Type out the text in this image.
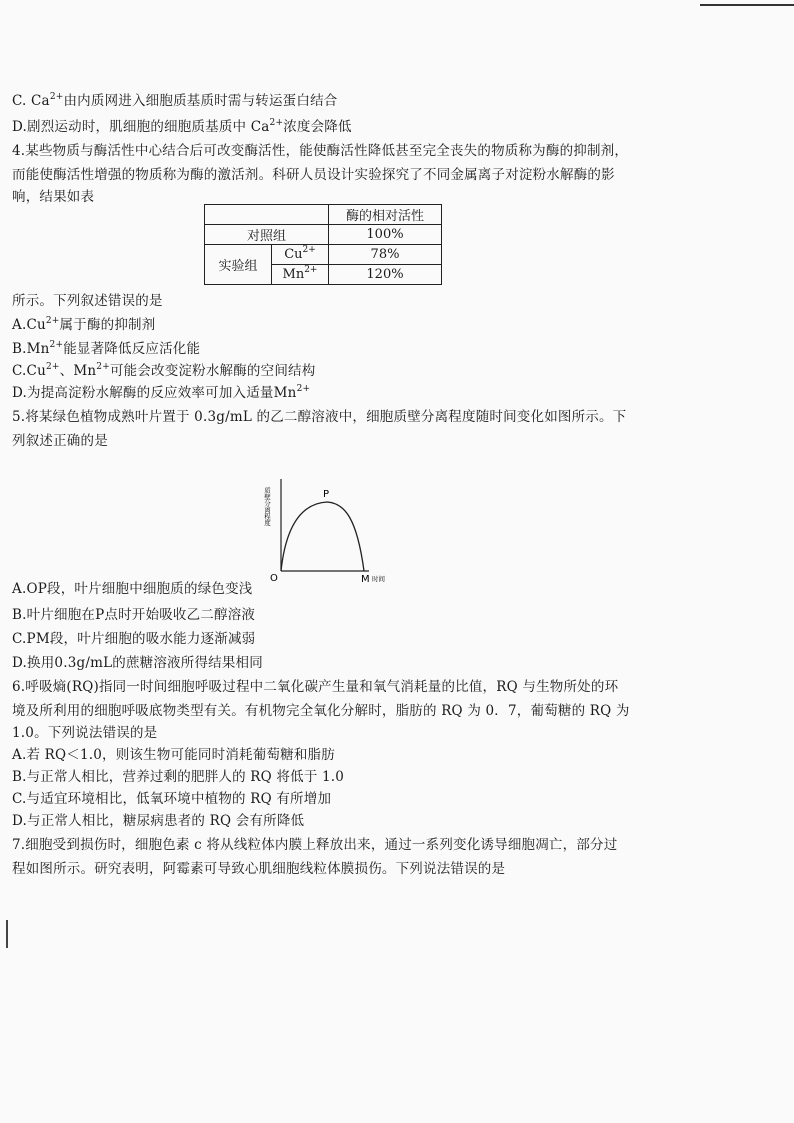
C. $Ca^{2+}$由内质网进入细胞质基质时需与转运蛋白结合
D.剧烈运动时，肌细胞的细胞质基质中 $Ca^{2+}$浓度会降低
4.某些物质与酶活性中心结合后可改变酶活性，能使酶活性降低甚至完全丧失的物质称为酶的抑制剂，
而能使酶活性增强的物质称为酶的激活剂。科研人员设计实验探究了不同金属离子对淀粉水解酶的影
响，结果如表
		酶的相对活性
对照组		100%
实验组	$Cu^{2+}$	78%
	$Mn^{2+}$	120%
所示。下列叙述错误的是
$A.Cu^{2+}$属于酶的抑制剂
$B.Mn^{2+}$能显著降低反应活化能
$C.Cu^{2+}$、$Mn^{2+}$可能会改变淀粉水解酶的空间结构
D.为提高淀粉水解酶的反应效率可加入适量$Mn^{2+}$
5.将某绿色植物成熟叶片置于 0.3g/mL 的乙二醇溶液中，细胞质壁分离程度随时间变化如图所示。下
列叙述正确的是
质壁分离程度
O
P
M 时间
A.OP段，叶片细胞中细胞质的绿色变浅
B.叶片细胞在P点时开始吸收乙二醇溶液
C.PM段，叶片细胞的吸水能力逐渐减弱
D.换用0.3g/mL的蔗糖溶液所得结果相同
6.呼吸熵(RQ)指同一时间细胞呼吸过程中二氧化碳产生量和氧气消耗量的比值，RQ 与生物所处的环
境及所利用的细胞呼吸底物类型有关。有机物完全氧化分解时，脂肪的 RQ 为 0．7，葡萄糖的 RQ 为
1.0。下列说法错误的是
A.若 RQ＜1.0，则该生物可能同时消耗葡萄糖和脂肪
B.与正常人相比，营养过剩的肥胖人的 RQ 将低于 1.0
C.与适宜环境相比，低氧环境中植物的 RQ 有所增加
D.与正常人相比，糖尿病患者的 RQ 会有所降低
7.细胞受到损伤时，细胞色素 c 将从线粒体内膜上释放出来，通过一系列变化诱导细胞凋亡，部分过
程如图所示。研究表明，阿霉素可导致心肌细胞线粒体膜损伤。下列说法错误的是
